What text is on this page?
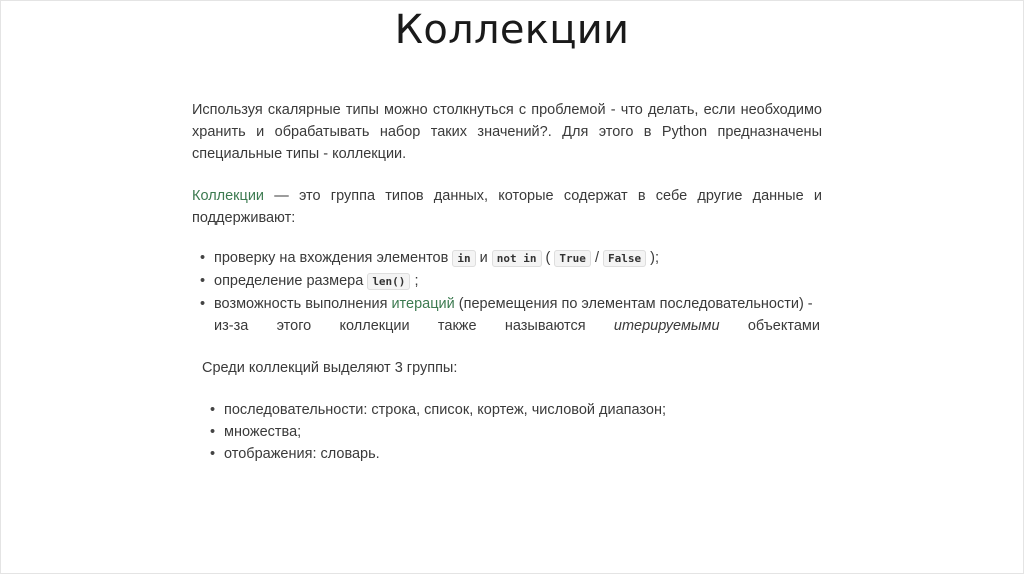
Коллекции

Используя скалярные типы можно столкнуться с проблемой - что делать, если необходимо хранить и обрабатывать набор таких значений?. Для этого в Python предназначены специальные типы - коллекции.

Коллекции — это группа типов данных, которые содержат в себе другие данные и поддерживают:

• проверку на вхождения элементов in и not in ( True / False );
• определение размера len() ;
• возможность выполнения итераций (перемещения по элементам последовательности) -
из-за этого коллекции также называются итерируемыми объектами

Среди коллекций выделяют 3 группы:

• последовательности: строка, список, кортеж, числовой диапазон;
• множества;
• отображения: словарь.
